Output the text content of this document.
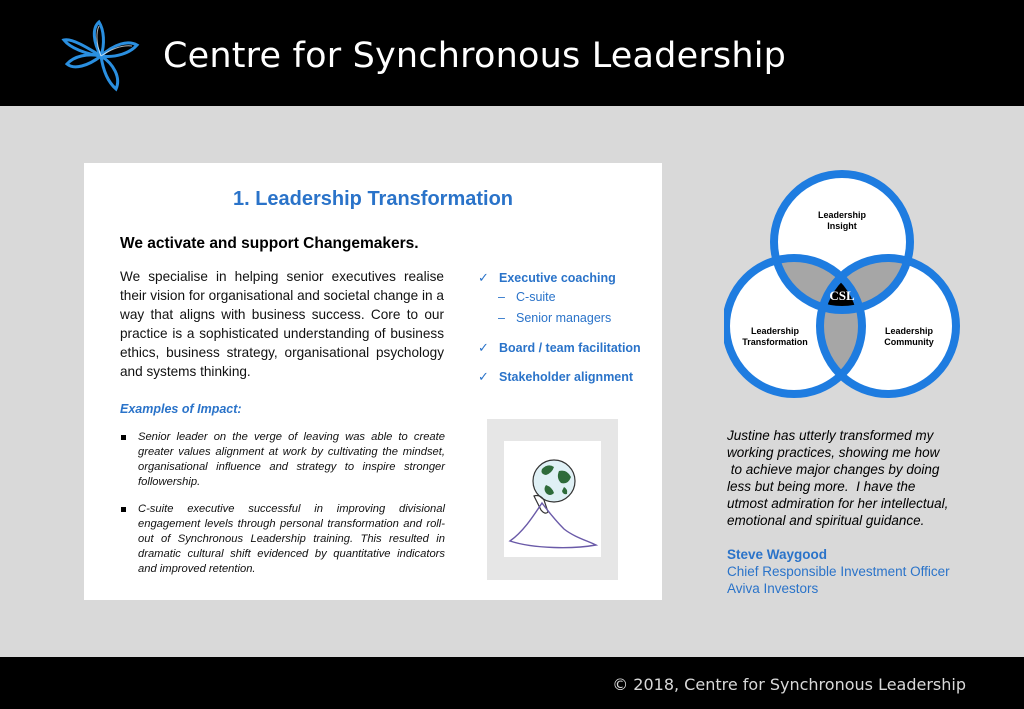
Centre for Synchronous Leadership
1. Leadership Transformation
We activate and support Changemakers.
We specialise in helping senior executives realise their vision for organisational and societal change in a way that aligns with business success. Core to our practice is a sophisticated understanding of business ethics, business strategy, organisational psychology and systems thinking.
✓ Executive coaching
– C-suite
– Senior managers
✓ Board / team facilitation
✓ Stakeholder alignment
Examples of Impact:
Senior leader on the verge of leaving was able to create greater values alignment at work by cultivating the mindset, organisational influence and strategy to inspire stronger followership.
C-suite executive successful in improving divisional engagement levels through personal transformation and roll-out of Synchronous Leadership training. This resulted in dramatic cultural shift evidenced by quantitative indicators and improved retention.
CSL
Leadership
Insight
Leadership
Transformation
Leadership
Community
Justine has utterly transformed my
working practices, showing me how
to achieve major changes by doing
less but being more.  I have the
utmost admiration for her intellectual,
emotional and spiritual guidance.
Steve Waygood
Chief Responsible Investment Officer
Aviva Investors
© 2018, Centre for Synchronous Leadership
